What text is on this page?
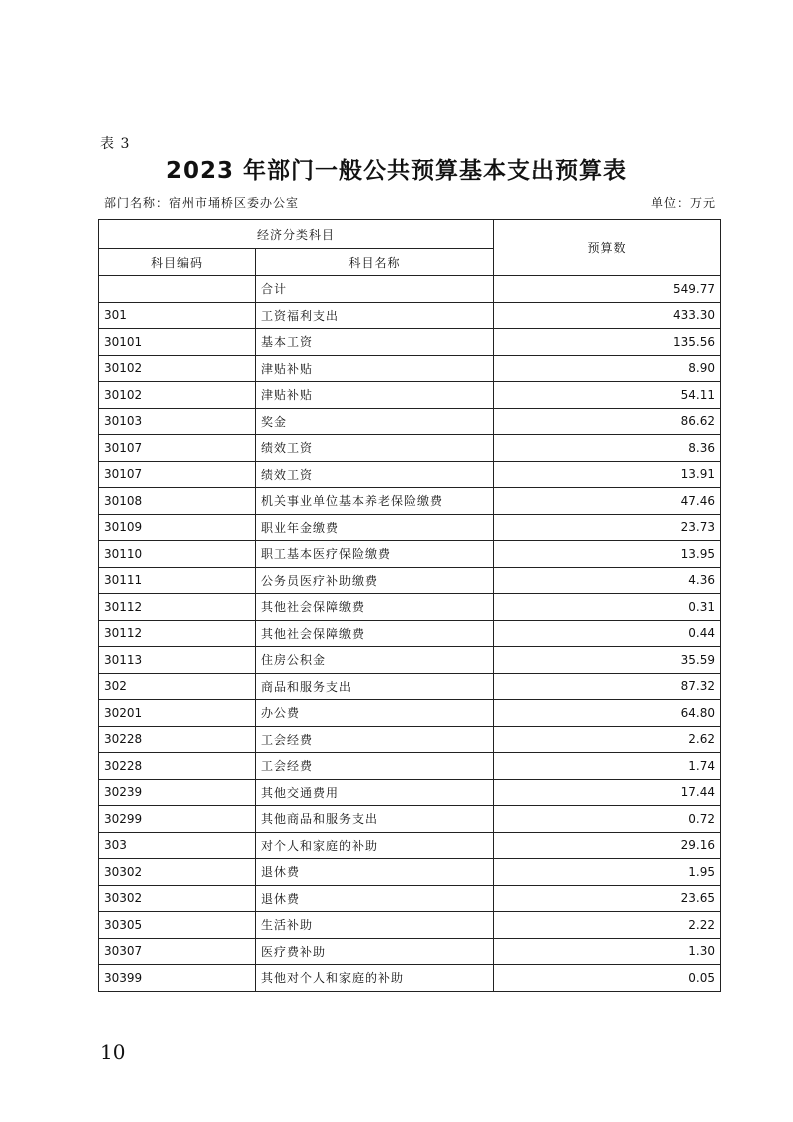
表 3
2023 年部门一般公共预算基本支出预算表
部门名称：宿州市埇桥区委办公室	单位：万元
经济分类科目		预算数
科目编码	科目名称	
	合计	549.77
301	工资福利支出	433.30
30101	基本工资	135.56
30102	津贴补贴	8.90
30102	津贴补贴	54.11
30103	奖金	86.62
30107	绩效工资	8.36
30107	绩效工资	13.91
30108	机关事业单位基本养老保险缴费	47.46
30109	职业年金缴费	23.73
30110	职工基本医疗保险缴费	13.95
30111	公务员医疗补助缴费	4.36
30112	其他社会保障缴费	0.31
30112	其他社会保障缴费	0.44
30113	住房公积金	35.59
302	商品和服务支出	87.32
30201	办公费	64.80
30228	工会经费	2.62
30228	工会经费	1.74
30239	其他交通费用	17.44
30299	其他商品和服务支出	0.72
303	对个人和家庭的补助	29.16
30302	退休费	1.95
30302	退休费	23.65
30305	生活补助	2.22
30307	医疗费补助	1.30
30399	其他对个人和家庭的补助	0.05
10
